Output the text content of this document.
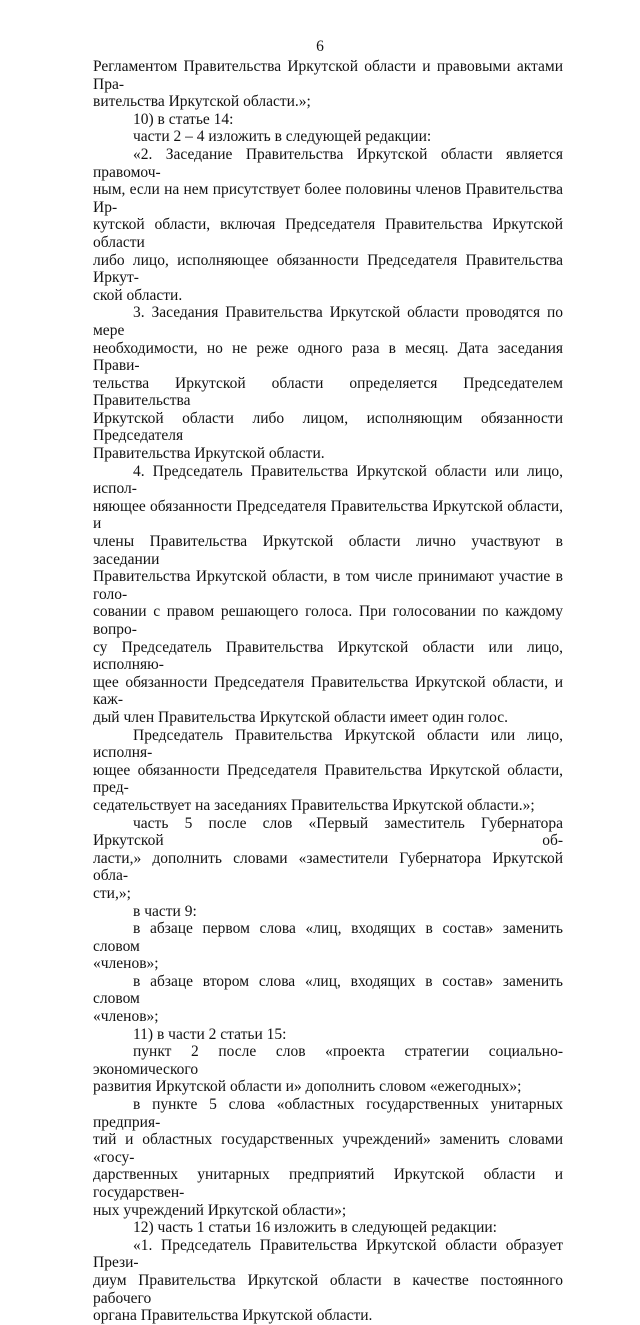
6
Регламентом Правительства Иркутской области и правовыми актами Пра-
вительства Иркутской области.»;
10) в статье 14:
части 2 – 4 изложить в следующей редакции:
«2. Заседание Правительства Иркутской области является правомоч-
ным, если на нем присутствует более половины членов Правительства Ир-
кутской области, включая Председателя Правительства Иркутской области
либо лицо, исполняющее обязанности Председателя Правительства Иркут-
ской области.
3. Заседания Правительства Иркутской области проводятся по мере
необходимости, но не реже одного раза в месяц. Дата заседания Прави-
тельства Иркутской области определяется Председателем Правительства
Иркутской области либо лицом, исполняющим обязанности Председателя
Правительства Иркутской области.
4. Председатель Правительства Иркутской области или лицо, испол-
няющее обязанности Председателя Правительства Иркутской области, и
члены Правительства Иркутской области лично участвуют в заседании
Правительства Иркутской области, в том числе принимают участие в голо-
совании с правом решающего голоса. При голосовании по каждому вопро-
су Председатель Правительства Иркутской области или лицо, исполняю-
щее обязанности Председателя Правительства Иркутской области, и каж-
дый член Правительства Иркутской области имеет один голос.
Председатель Правительства Иркутской области или лицо, исполня-
ющее обязанности Председателя Правительства Иркутской области, пред-
седательствует на заседаниях Правительства Иркутской области.»;
часть 5 после слов «Первый заместитель Губернатора Иркутской об-
ласти,» дополнить словами «заместители Губернатора Иркутской обла-
сти,»;
в части 9:
в абзаце первом слова «лиц, входящих в состав» заменить словом
«членов»;
в абзаце втором слова «лиц, входящих в состав» заменить словом
«членов»;
11) в части 2 статьи 15:
пункт 2 после слов «проекта стратегии социально-экономического
развития Иркутской области и» дополнить словом «ежегодных»;
в пункте 5 слова «областных государственных унитарных предприя-
тий и областных государственных учреждений» заменить словами «госу-
дарственных унитарных предприятий Иркутской области и государствен-
ных учреждений Иркутской области»;
12) часть 1 статьи 16 изложить в следующей редакции:
«1. Председатель Правительства Иркутской области образует Прези-
диум Правительства Иркутской области в качестве постоянного рабочего
органа Правительства Иркутской области.
